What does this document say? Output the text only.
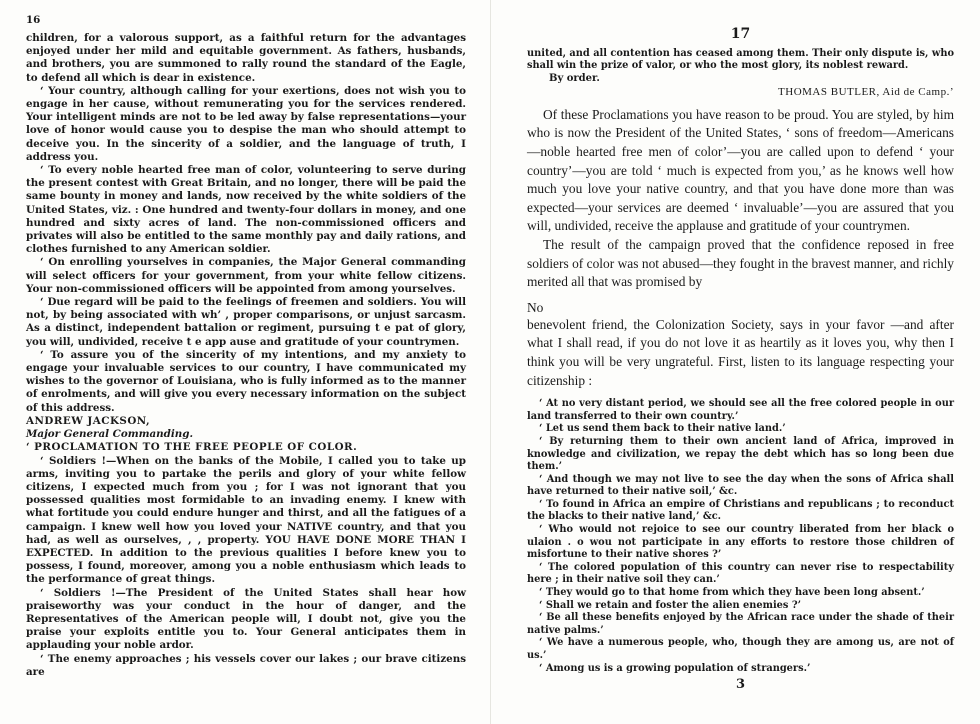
16

children, for a valorous support, as a faithful return for the advantages enjoyed under her mild and equitable government. As fathers, husbands, and brothers, you are summoned to rally round the standard of the Eagle, to defend all which is dear in existence.

‘ Your country, although calling for your exertions, does not wish you to engage in her cause, without remunerating you for the services rendered. Your intelligent minds are not to be led away by false representations—your love of honor would cause you to despise the man who should attempt to deceive you. In the sincerity of a soldier, and the language of truth, I address you.

‘ To every noble hearted free man of color, volunteering to serve during the present contest with Great Britain, and no longer, there will be paid the same bounty in money and lands, now received by the white soldiers of the United States, viz. : One hundred and twenty-four dollars in money, and one hundred and sixty acres of land. The non-commissioned officers and privates will also be entitled to the same monthly pay and daily rations, and clothes furnished to any American soldier.

‘ On enrolling yourselves in companies, the Major General commanding will select officers for your government, from your white fellow citizens. Your non-commissioned officers will be appointed from among yourselves.

‘ Due regard will be paid to the feelings of freemen and soldiers. You will not, by being associated with wh’ , proper comparisons, or unjust sarcasm. As a distinct, independent battalion or regiment, pursuing t e pat of glory, you will, undivided, receive t e app ause and gratitude of your countrymen.

‘ To assure you of the sincerity of my intentions, and my anxiety to engage your invaluable services to our country, I have communicated my wishes to the governor of Louisiana, who is fully informed as to the manner of enrolments, and will give you every necessary information on the subject of this address.

ANDREW JACKSON,

Major General Commanding.

‘ PROCLAMATION TO THE FREE PEOPLE OF COLOR.

‘ Soldiers !—When on the banks of the Mobile, I called you to take up arms, inviting you to partake the perils and glory of your white fellow citizens, I expected much from you ; for I was not ignorant that you possessed qualities most formidable to an invading enemy. I knew with what fortitude you could endure hunger and thirst, and all the fatigues of a campaign. I knew well how you loved your NATIVE country, and that you had, as well as ourselves, , , property. YOU HAVE DONE MORE THAN I EXPECTED. In addition to the previous qualities I before knew you to possess, I found, moreover, among you a noble enthusiasm which leads to the performance of great things.

‘ Soldiers !—The President of the United States shall hear how praiseworthy was your conduct in the hour of danger, and the Representatives of the American people will, I doubt not, give you the praise your exploits entitle you to. Your General anticipates them in applauding your noble ardor.

‘ The enemy approaches ; his vessels cover our lakes ; our brave citizens are

17

united, and all contention has ceased among them. Their only dispute is, who shall win the prize of valor, or who the most glory, its noblest reward.

By order.

THOMAS BUTLER, Aid de Camp.’

Of these Proclamations you have reason to be proud. You are styled, by him who is now the President of the United States, ‘ sons of freedom—Americans—noble hearted free men of color’—you are called upon to defend ‘ your country’—you are told ‘ much is expected from you,’ as he knows well how much you love your native country, and that you have done more than was expected—your services are deemed ‘ invaluable’—you are assured that you will, undivided, receive the applause and gratitude of your countrymen.

The result of the campaign proved that the confidence reposed in free soldiers of color was not abused—they fought in the bravest manner, and richly merited all that was promised by

No

benevolent friend, the Colonization Society, says in your favor —and after what I shall read, if you do not love it as heartily as it loves you, why then I think you will be very ungrateful. First, listen to its language respecting your citizenship :

‘ At no very distant period, we should see all the free colored people in our land transferred to their own country.’

‘ Let us send them back to their native land.’

‘ By returning them to their own ancient land of Africa, improved in knowledge and civilization, we repay the debt which has so long been due them.’

‘ And though we may not live to see the day when the sons of Africa shall have returned to their native soil,’ &c.

‘ To found in Africa an empire of Christians and republicans ; to reconduct the blacks to their native land,’ &c.

‘ Who would not rejoice to see our country liberated from her black o ulaion . o wou not participate in any efforts to restore those children of misfortune to their native shores ?’

‘ The colored population of this country can never rise to respectability here ; in their native soil they can.’

‘ They would go to that home from which they have been long absent.’

‘ Shall we retain and foster the alien enemies ?’

‘ Be all these benefits enjoyed by the African race under the shade of their native palms.’

‘ We have a numerous people, who, though they are among us, are not of us.’

‘ Among us is a growing population of strangers.’

3
